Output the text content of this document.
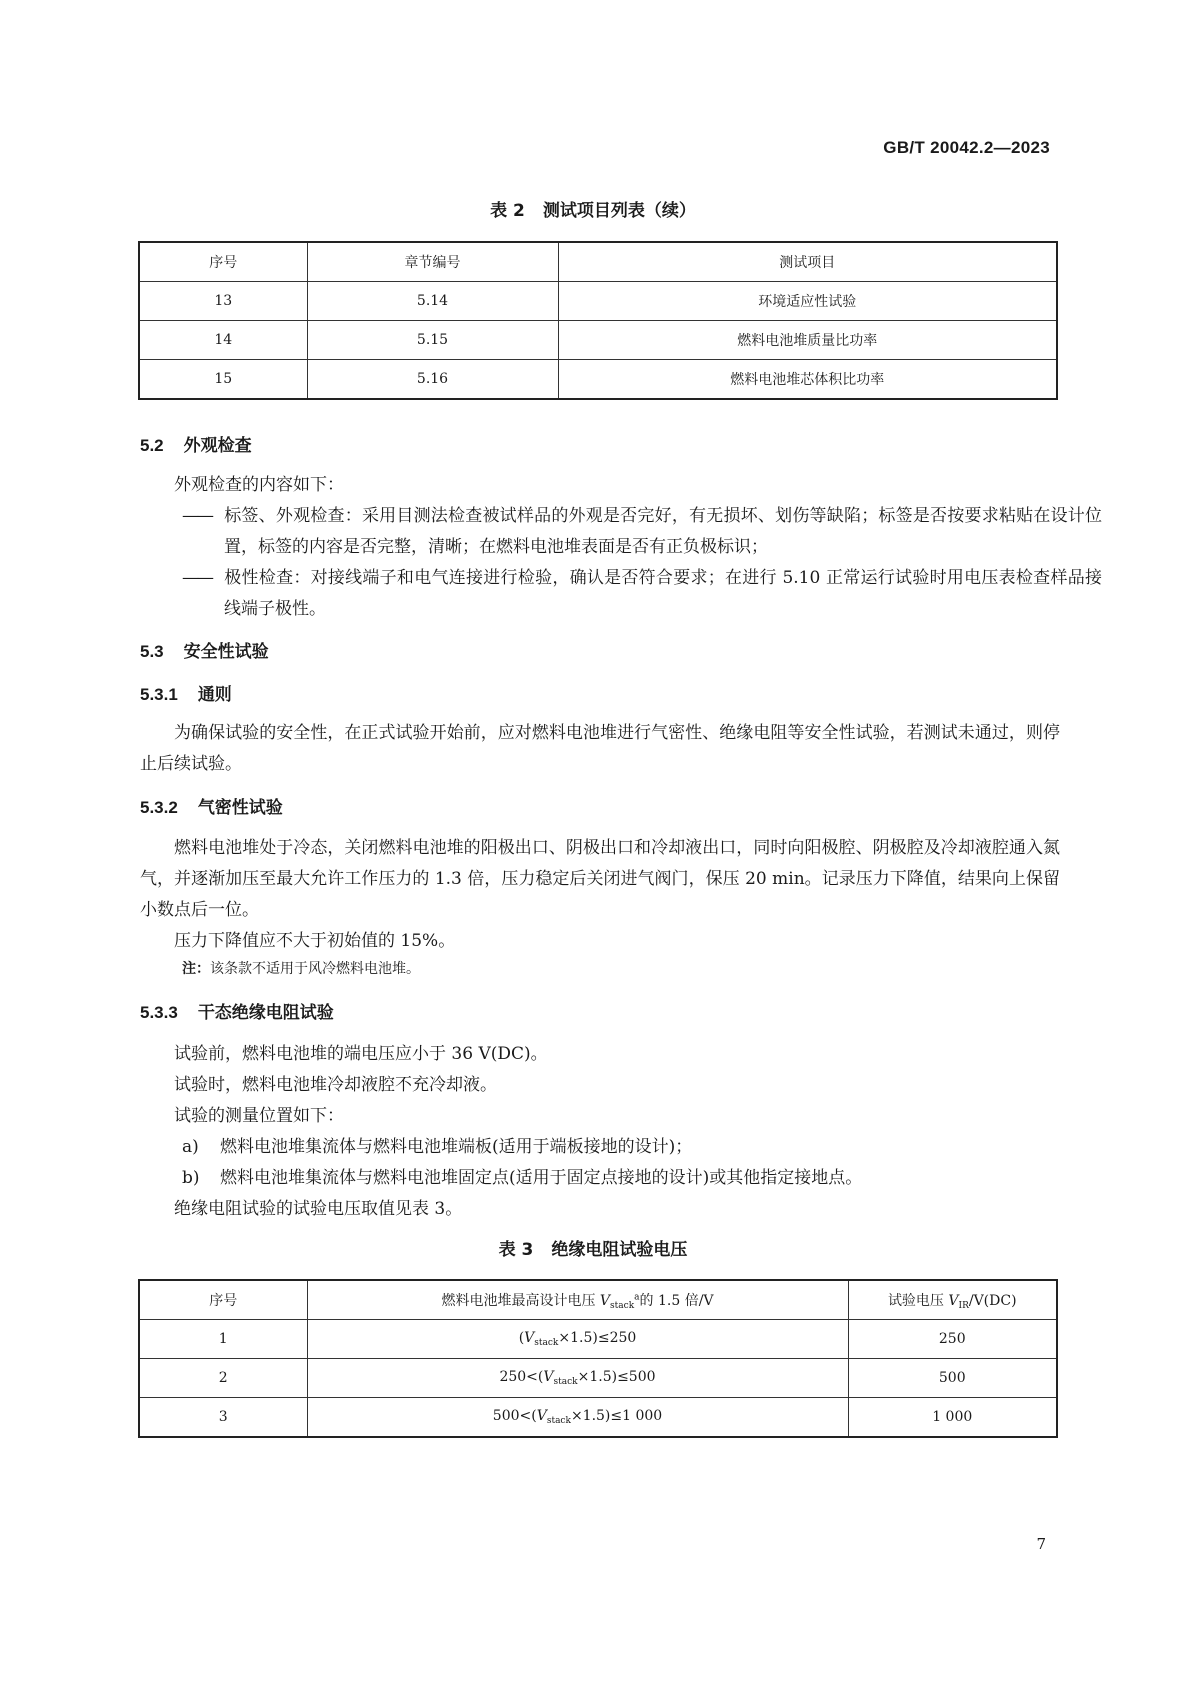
GB/T 20042.2—2023
表 2 测试项目列表（续）
序号	章节编号	测试项目
13	5.14	环境适应性试验
14	5.15	燃料电池堆质量比功率
15	5.16	燃料电池堆芯体积比功率
5.2 外观检查

外观检查的内容如下：

—— 标签、外观检查：采用目测法检查被试样品的外观是否完好，有无损坏、划伤等缺陷；标签是否按要求粘贴在设计位置，标签的内容是否完整，清晰；在燃料电池堆表面是否有正负极标识；

—— 极性检查：对接线端子和电气连接进行检验，确认是否符合要求；在进行 5.10 正常运行试验时用电压表检查样品接线端子极性。

5.3 安全性试验
5.3.1 通则

为确保试验的安全性，在正式试验开始前，应对燃料电池堆进行气密性、绝缘电阻等安全性试验，若测试未通过，则停止后续试验。

5.3.2 气密性试验

燃料电池堆处于冷态，关闭燃料电池堆的阳极出口、阴极出口和冷却液出口，同时向阳极腔、阴极腔及冷却液腔通入氮气，并逐渐加压至最大允许工作压力的 1.3 倍，压力稳定后关闭进气阀门，保压 20 min。记录压力下降值，结果向上保留小数点后一位。

压力下降值应不大于初始值的 15%。

注：该条款不适用于风冷燃料电池堆。
5.3.3 干态绝缘电阻试验

试验前，燃料电池堆的端电压应小于 36 V(DC)。

试验时，燃料电池堆冷却液腔不充冷却液。

试验的测量位置如下：

a) 燃料电池堆集流体与燃料电池堆端板(适用于端板接地的设计)；

b) 燃料电池堆集流体与燃料电池堆固定点(适用于固定点接地的设计)或其他指定接地点。

绝缘电阻试验的试验电压取值见表 3。

表 3 绝缘电阻试验电压
序号	燃料电池堆最高设计电压 $V_{stack}^a$的 1.5 倍/V	试验电压 $V_{IR}/V(DC)$
1	$(V_{stack}\times 1.5)\le 250$	250
2	$250<(V_{stack}\times 1.5)\le 500$	500
3	$500<(V_{stack}\times 1.5)\le 1$ 000	1 000
7
